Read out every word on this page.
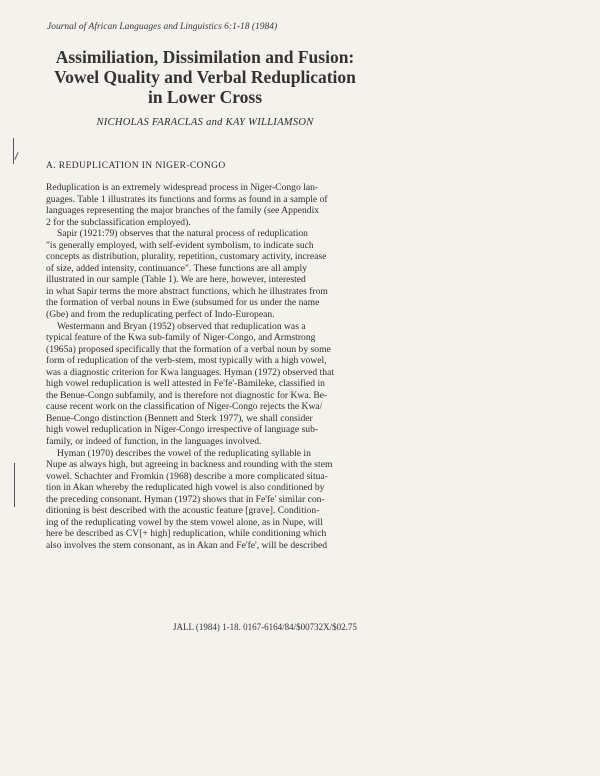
Journal of African Languages and Linguistics 6:1-18 (1984)
Assimiliation, Dissimilation and Fusion:
Vowel Quality and Verbal Reduplication
in Lower Cross
NICHOLAS FARACLAS and KAY WILLIAMSON
A. REDUPLICATION IN NIGER-CONGO
Reduplication is an extremely widespread process in Niger-Congo lan-
guages. Table 1 illustrates its functions and forms as found in a sample of
languages representing the major branches of the family (see Appendix
2 for the subclassification employed).
Sapir (1921:79) observes that the natural process of reduplication
"is generally employed, with self-evident symbolism, to indicate such
concepts as distribution, plurality, repetition, customary activity, increase
of size, added intensity, continuance". These functions are all amply
illustrated in our sample (Table 1). We are here, however, interested
in what Sapir terms the more abstract functions, which he illustrates from
the formation of verbal nouns in Ewe (subsumed for us under the name
(Gbe) and from the reduplicating perfect of Indo-European.
Westermann and Bryan (1952) observed that reduplication was a
typical feature of the Kwa sub-family of Niger-Congo, and Armstrong
(1965a) proposed specifically that the formation of a verbal noun by some
form of reduplication of the verb-stem, most typically with a high vowel,
was a diagnostic criterion for Kwa languages. Hyman (1972) observed that
high vowel reduplication is well attested in Fe'fe'-Bamileke, classified in
the Benue-Congo subfamily, and is therefore not diagnostic for Kwa. Be-
cause recent work on the classification of Niger-Congo rejects the Kwa/
Benue-Congo distinction (Bennett and Sterk 1977), we shall consider
high vowel reduplication in Niger-Congo irrespective of language sub-
family, or indeed of function, in the languages involved.
Hyman (1970) describes the vowel of the reduplicating syllable in
Nupe as always high, but agreeing in backness and rounding with the stem
vowel. Schachter and Fromkin (1968) describe a more complicated situa-
tion in Akan whereby the reduplicated high vowel is also conditioned by
the preceding consonant. Hyman (1972) shows that in Fe'fe' similar con-
ditioning is best described with the acoustic feature [grave]. Condition-
ing of the reduplicating vowel by the stem vowel alone, as in Nupe, will
here be described as CV[+ high] reduplication, while conditioning which
also involves the stem consonant, as in Akan and Fe'fe', will be described
JALL (1984) 1-18. 0167-6164/84/$00732X/$02.75
